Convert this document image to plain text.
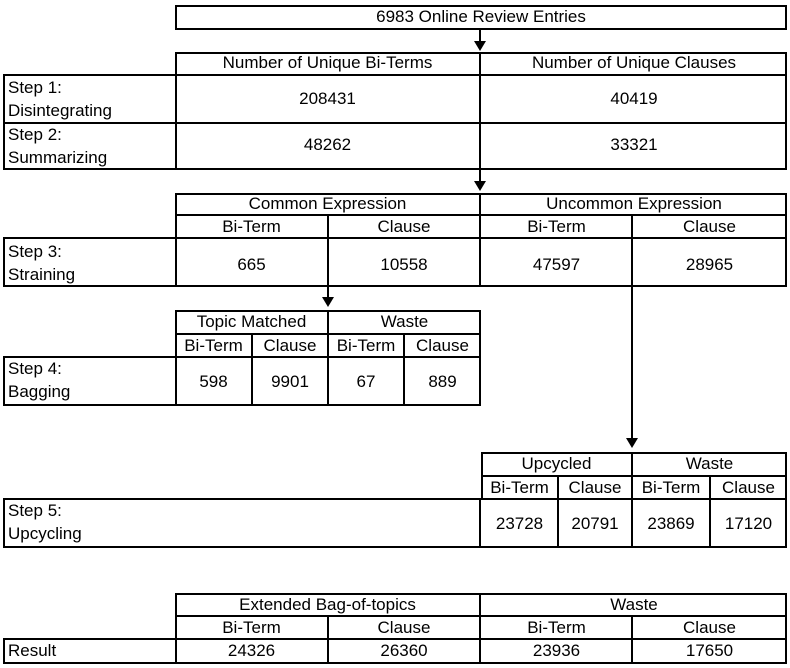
6983 Online Review Entries
Number of Unique Bi-Terms	Number of Unique Clauses
Step 1:
Disintegrating
208431	40419
Step 2:
Summarizing
48262	33321
Common Expression	Uncommon Expression
Bi-Term	Clause	Bi-Term	Clause
Step 3:
Straining
665	10558	47597	28965
Topic Matched	Waste
Bi-Term	Clause	Bi-Term	Clause
Step 4:
Bagging
598	9901	67	889
Upcycled	Waste
Bi-Term	Clause	Bi-Term	Clause
Step 5:
Upcycling
23728	20791	23869	17120
Extended Bag-of-topics	Waste
Bi-Term	Clause	Bi-Term	Clause
Result	24326	26360	23936	17650
